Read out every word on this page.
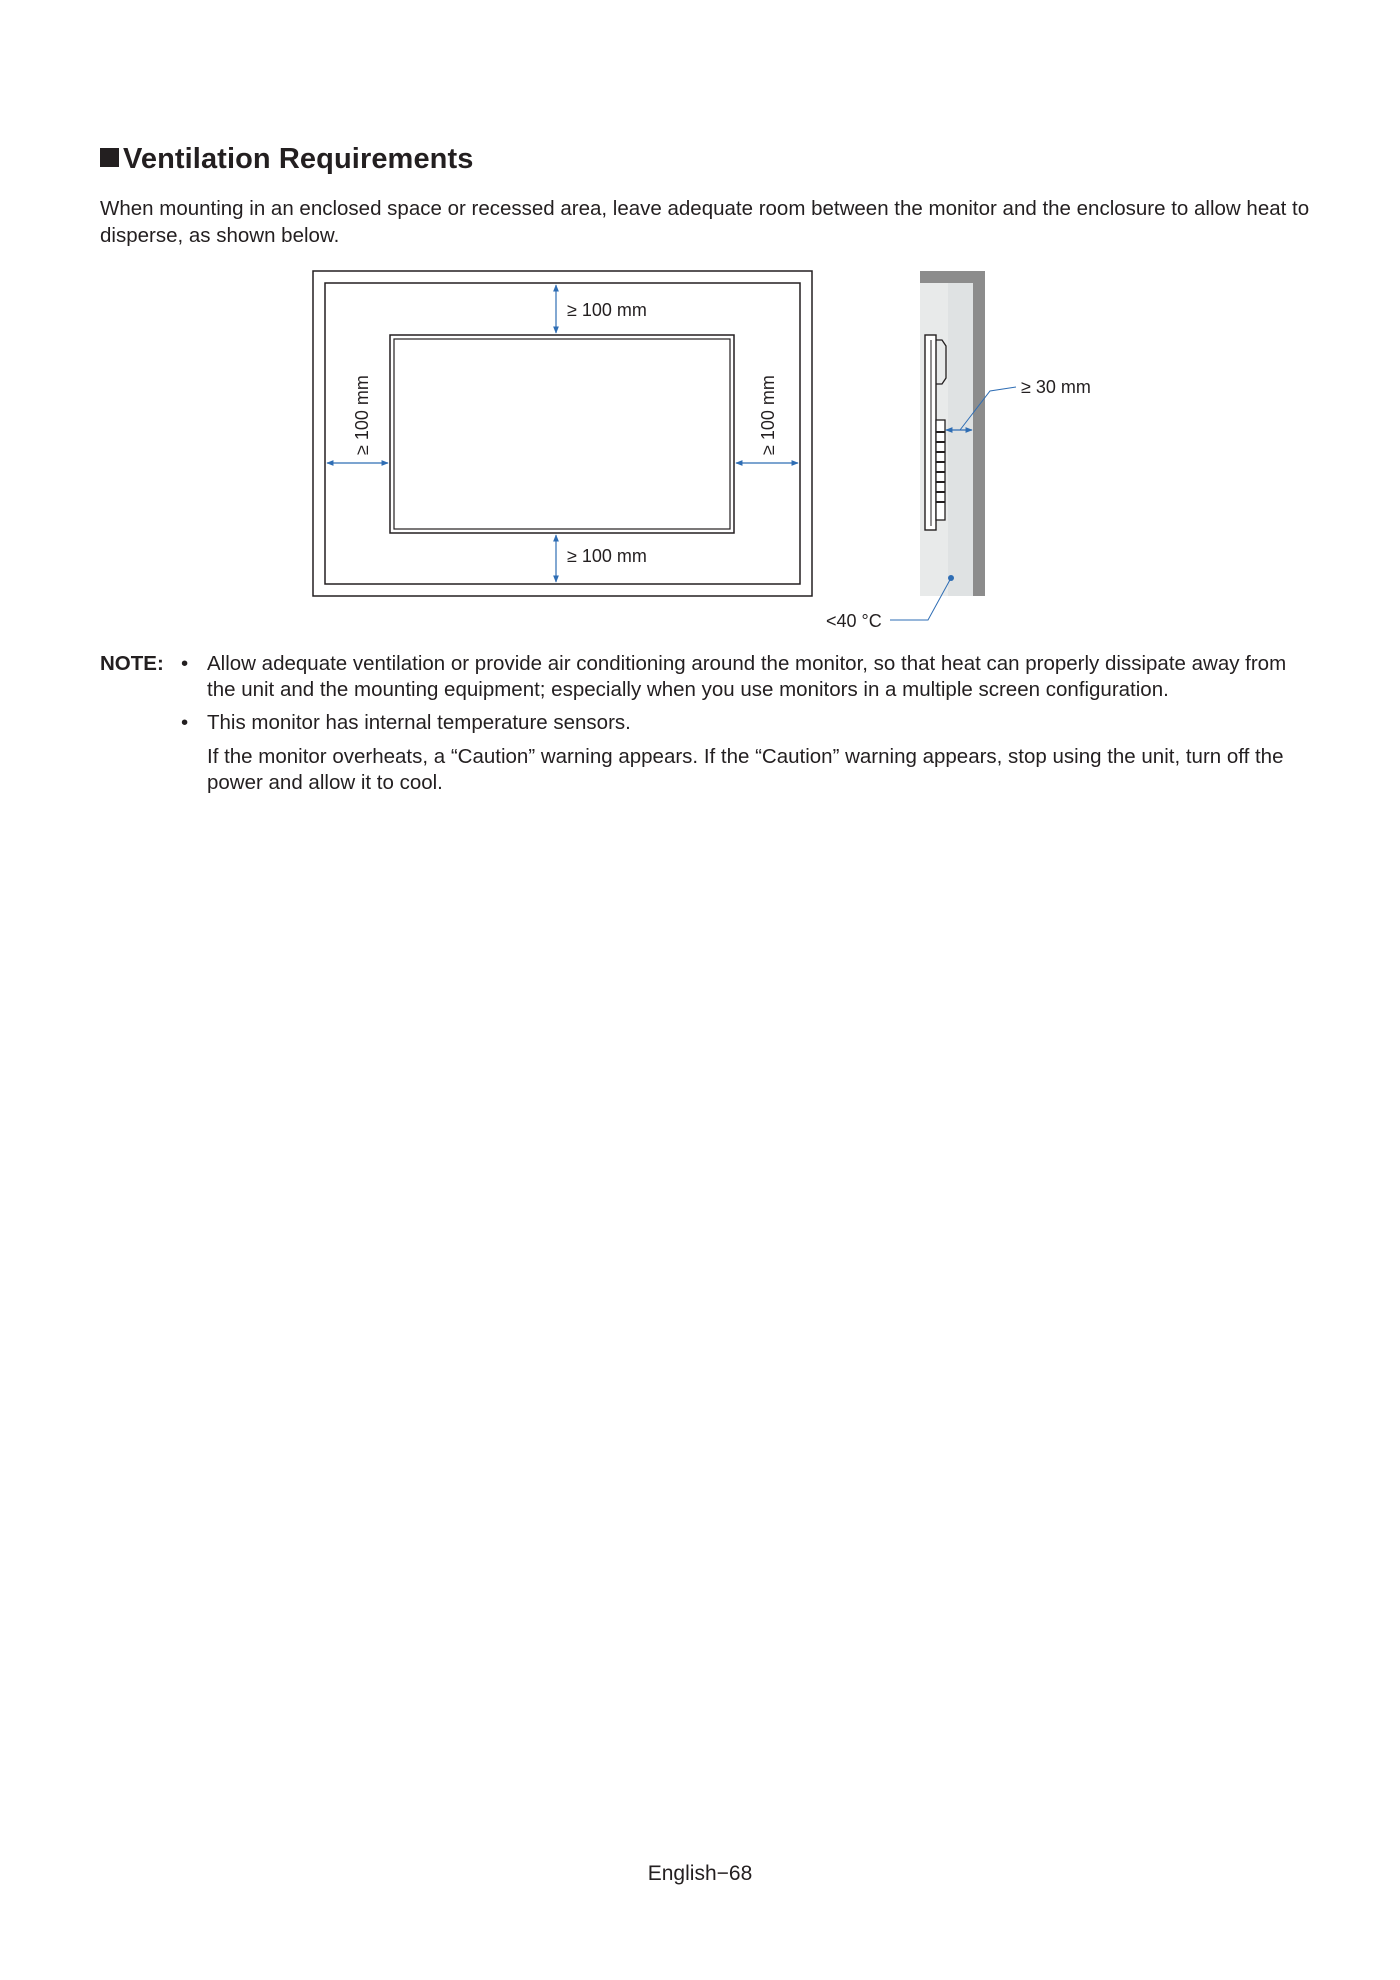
Ventilation Requirements
When mounting in an enclosed space or recessed area, leave adequate room between the monitor and the enclosure to allow heat to disperse, as shown below.
≥ 100 mm
≥ 100 mm
≥ 100 mm	≥ 100 mm	≥ 30 mm
<40 °C
NOTE: • Allow adequate ventilation or provide air conditioning around the monitor, so that heat can properly dissipate away from the unit and the mounting equipment; especially when you use monitors in a multiple screen configuration.
• This monitor has internal temperature sensors.
If the monitor overheats, a “Caution” warning appears. If the “Caution” warning appears, stop using the unit, turn off the power and allow it to cool.
English−68
